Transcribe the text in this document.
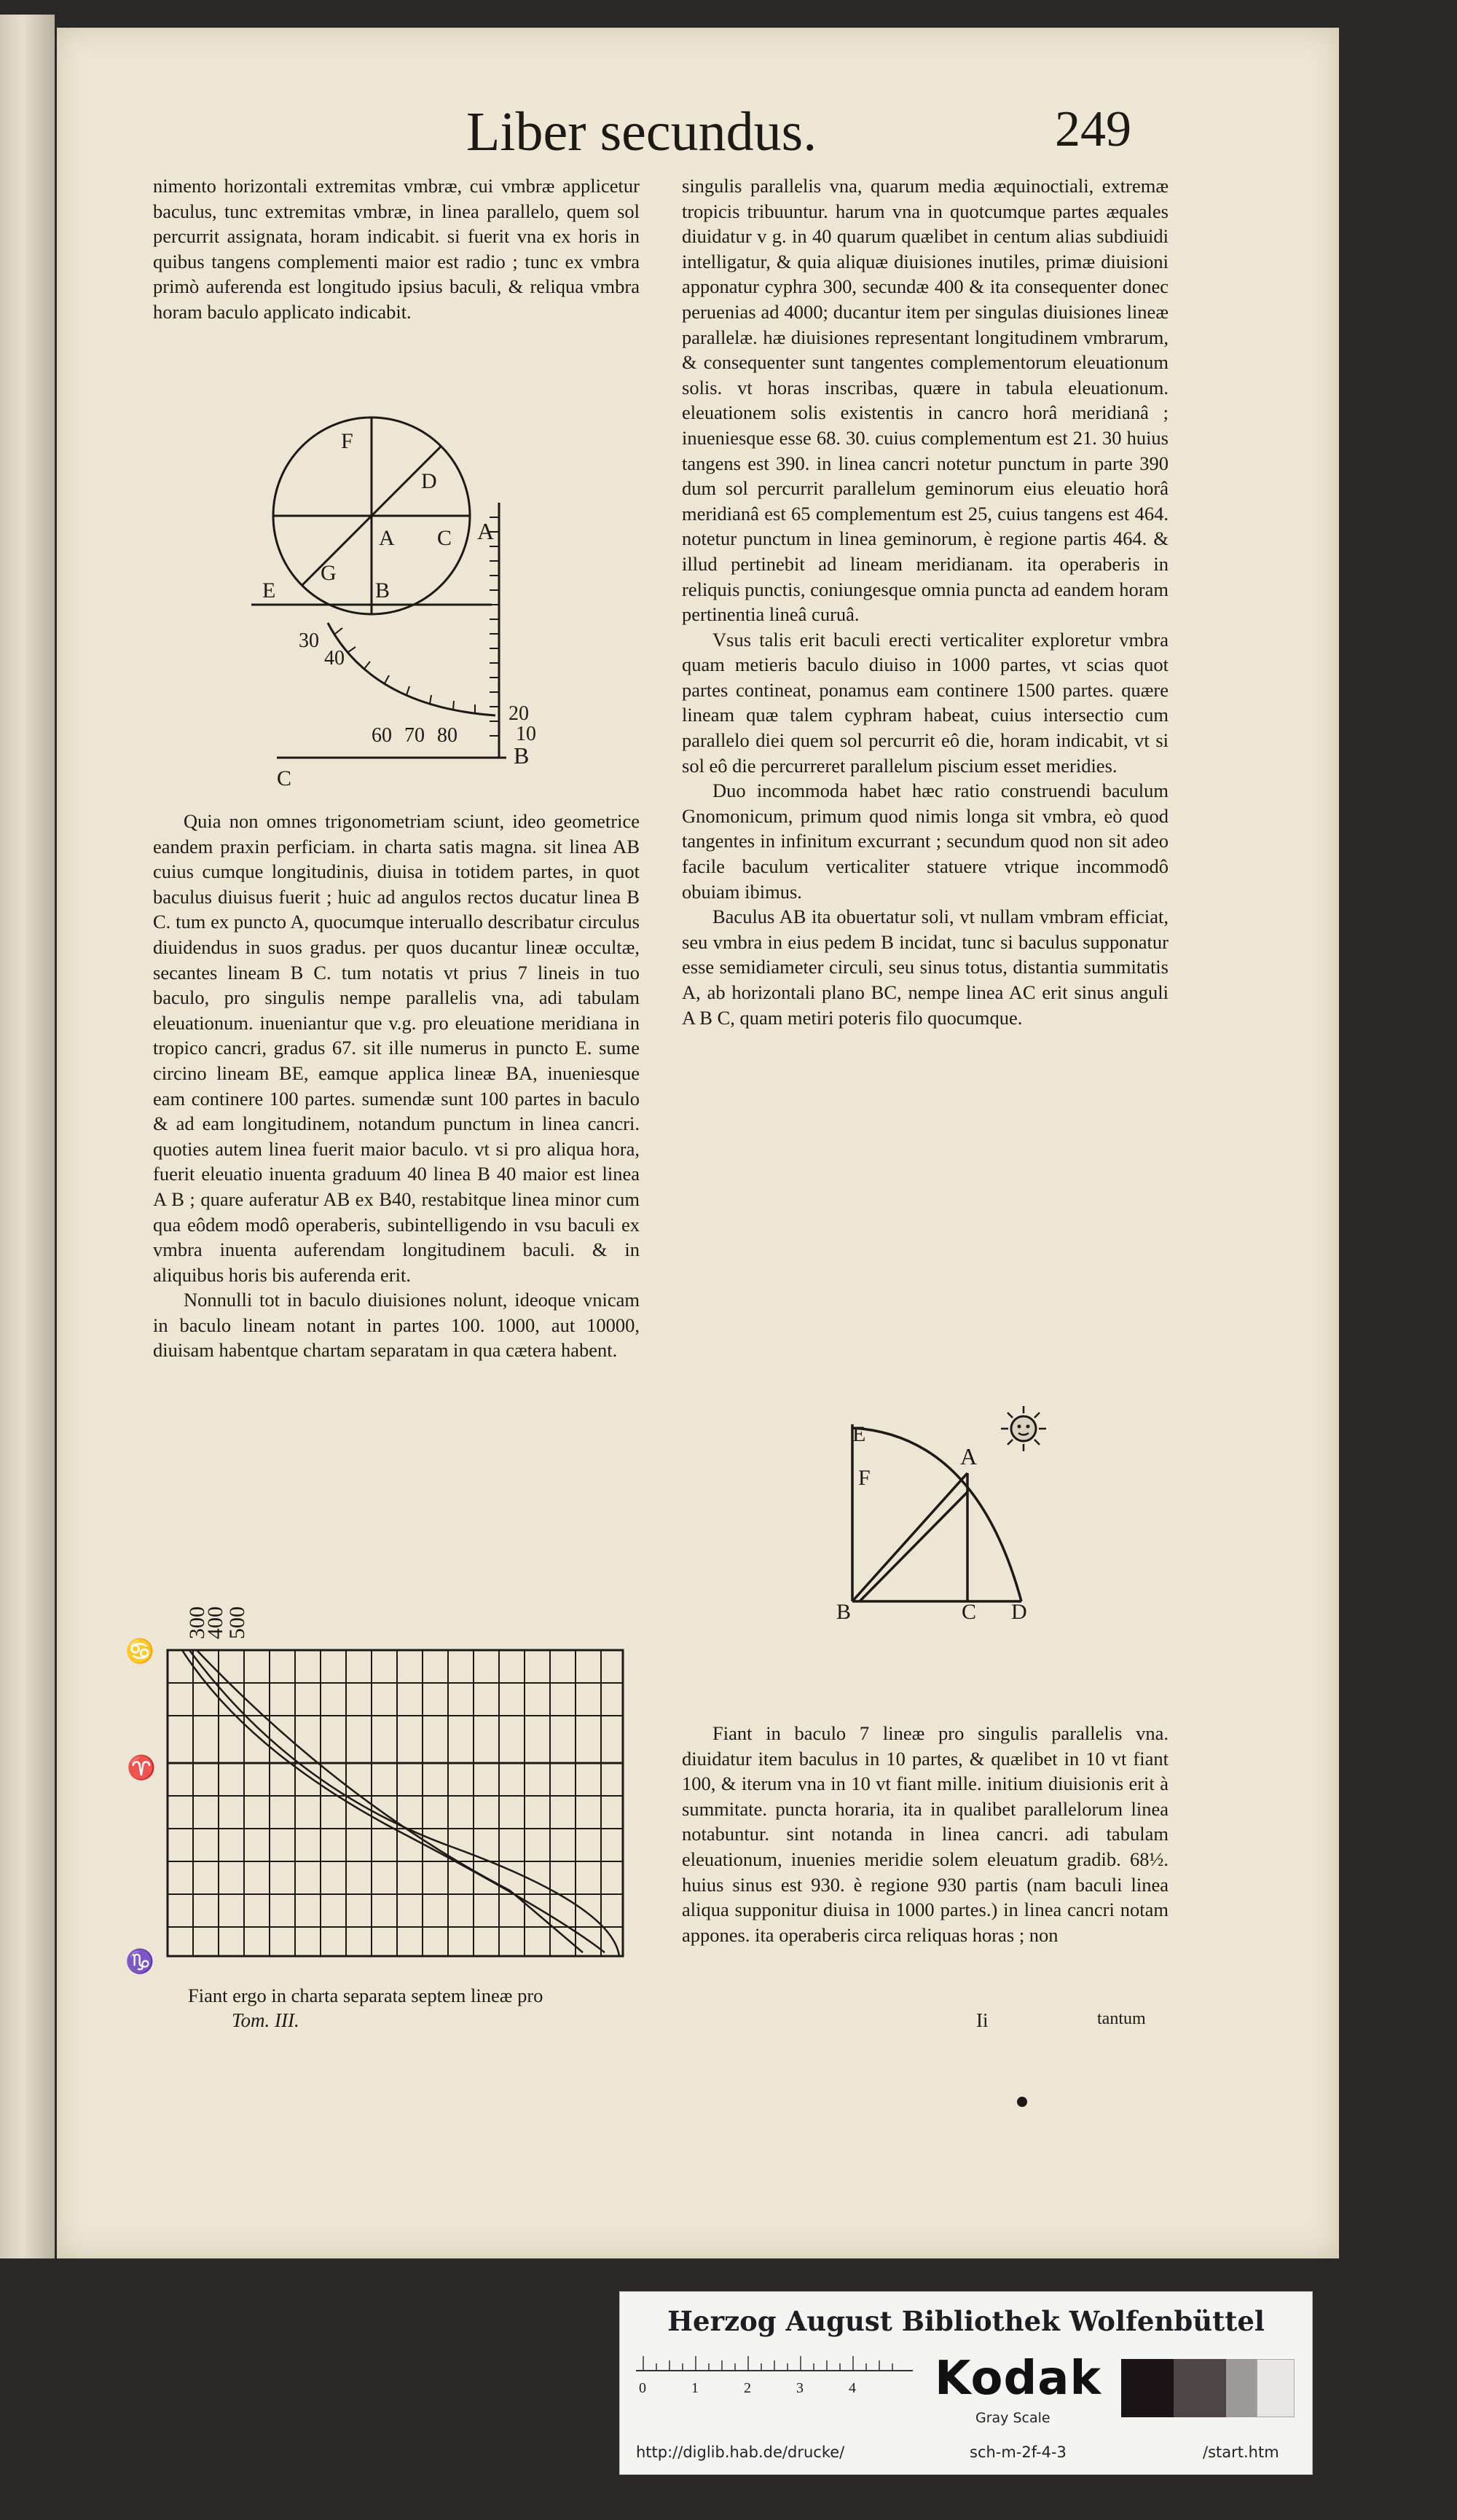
Liber secundus.	249

nimento horizontali extremitas vmbræ, cui vmbræ applicetur baculus, tunc extremitas vmbræ, in linea parallelo, quem sol percurrit assignata, horam indicabit. si fuerit vna ex horis in quibus tangens complementi maior est radio ; tunc ex vmbra primò auferenda est longitudo ipsius baculi, & reliqua vmbra horam baculo applicato indicabit.

F
D
A C A
G
B
E
30
40
60 70 80
20
10
B
C

Quia non omnes trigonometriam sciunt, ideo geometrice eandem praxin perficiam. in charta satis magna. sit linea AB cuius cumque longitudinis, diuisa in totidem partes, in quot baculus diuisus fuerit ; huic ad angulos rectos ducatur linea B C. tum ex puncto A, quocumque interuallo describatur circulus diuidendus in suos gradus. per quos ducantur lineæ occultæ, secantes lineam B C. tum notatis vt prius 7 lineis in tuo baculo, pro singulis nempe parallelis vna, adi tabulam eleuationum. inueniantur que v.g. pro eleuatione meridiana in tropico cancri, gradus 67. sit ille numerus in puncto E. sume circino lineam BE, eamque applica lineæ BA, inueniesque eam continere 100 partes. sumendæ sunt 100 partes in baculo & ad eam longitudinem, notandum punctum in linea cancri. quoties autem linea fuerit maior baculo. vt si pro aliqua hora, fuerit eleuatio inuenta graduum 40 linea B 40 maior est linea A B ; quare auferatur AB ex B40, restabitque linea minor cum qua eôdem modô operaberis, subintelligendo in vsu baculi ex vmbra inuenta auferendam longitudinem baculi. & in aliquibus horis bis auferenda erit.

Nonnulli tot in baculo diuisiones nolunt, ideoque vnicam in baculo lineam notant in partes 100. 1000, aut 10000, diuisam habentque chartam separatam in qua cætera habent.

300
400
500
♋
♈
♑

Fiant ergo in charta separata septem lineæ pro

Tom. III.

singulis parallelis vna, quarum media æquinoctiali, extremæ tropicis tribuuntur. harum vna in quotcumque partes æquales diuidatur v g. in 40 quarum quælibet in centum alias subdiuidi intelligatur, & quia aliquæ diuisiones inutiles, primæ diuisioni apponatur cyphra 300, secundæ 400 & ita consequenter donec peruenias ad 4000; ducantur item per singulas diuisiones lineæ parallelæ. hæ diuisiones representant longitudinem vmbrarum, & consequenter sunt tangentes complementorum eleuationum solis. vt horas inscribas, quære in tabula eleuationum. eleuationem solis existentis in cancro horâ meridianâ ; inueniesque esse 68. 30. cuius complementum est 21. 30 huius tangens est 390. in linea cancri notetur punctum in parte 390 dum sol percurrit parallelum geminorum eius eleuatio horâ meridianâ est 65 complementum est 25, cuius tangens est 464. notetur punctum in linea geminorum, è regione partis 464. & illud pertinebit ad lineam meridianam. ita operaberis in reliquis punctis, coniungesque omnia puncta ad eandem horam pertinentia lineâ curuâ.

Vsus talis erit baculi erecti verticaliter exploretur vmbra quam metieris baculo diuiso in 1000 partes, vt scias quot partes contineat, ponamus eam continere 1500 partes. quære lineam quæ talem cyphram habeat, cuius intersectio cum parallelo diei quem sol percurrit eô die, horam indicabit, vt si sol eô die percurreret parallelum piscium esset meridies.

Duo incommoda habet hæc ratio construendi baculum Gnomonicum, primum quod nimis longa sit vmbra, eò quod tangentes in infinitum excurrant ; secundum quod non sit adeo facile baculum verticaliter statuere vtrique incommodô obuiam ibimus.

Baculus AB ita obuertatur soli, vt nullam vmbram efficiat, seu vmbra in eius pedem B incidat, tunc si baculus supponatur esse semidiameter circuli, seu sinus totus, distantia summitatis A, ab horizontali plano BC, nempe linea AC erit sinus anguli A B C, quam metiri poteris filo quocumque.

E
F
A
B	C D

Fiant in baculo 7 lineæ pro singulis parallelis vna. diuidatur item baculus in 10 partes, & quælibet in 10 vt fiant 100, & iterum vna in 10 vt fiant mille. initium diuisionis erit à summitate. puncta horaria, ita in qualibet parallelorum linea notabuntur. sint notanda in linea cancri. adi tabulam eleuationum, inuenies meridie solem eleuatum gradib. 68½. huius sinus est 930. è regione 930 partis (nam baculi linea aliqua supponitur diuisa in 1000 partes.) in linea cancri notam appones. ita operaberis circa reliquas horas ; non

Ii	tantum
Herzog August Bibliothek Wolfenbüttel
0	1	2	3	4 Kodak
Gray Scale
http://diglib.hab.de/drucke/	sch-m-2f-4-3	/start.htm
